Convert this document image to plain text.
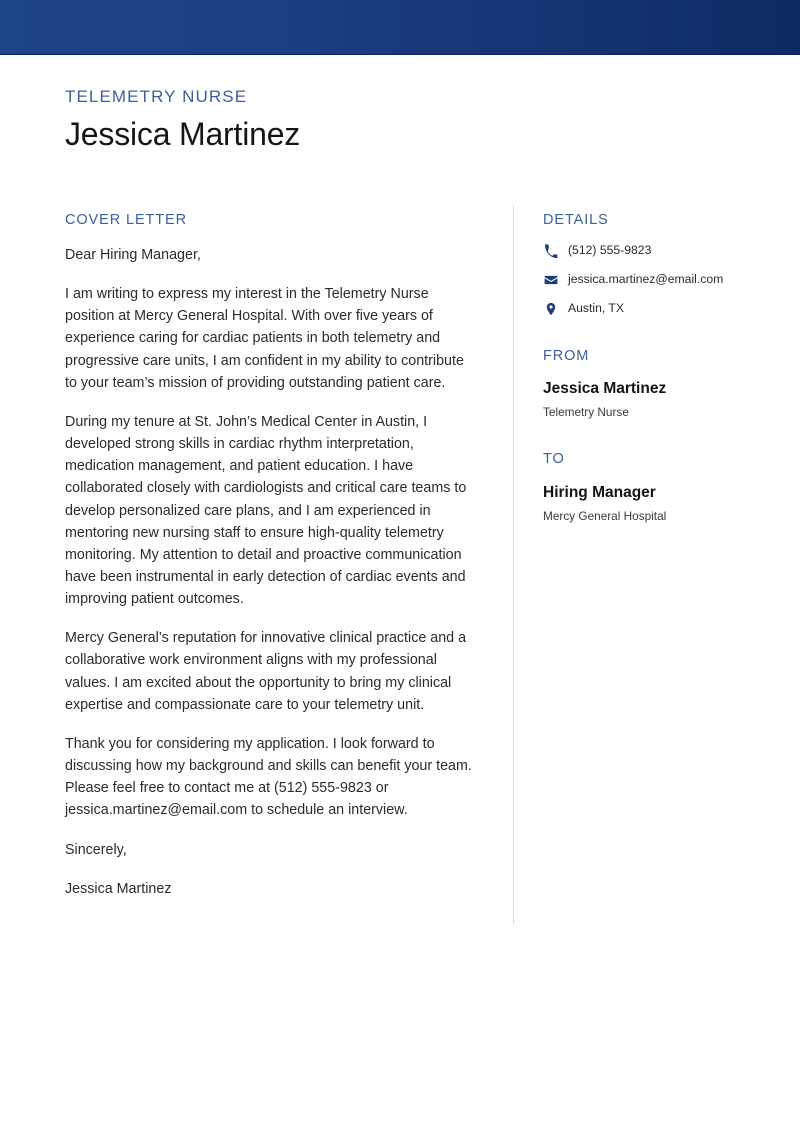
TELEMETRY NURSE
Jessica Martinez
COVER LETTER

Dear Hiring Manager,

I am writing to express my interest in the Telemetry Nurse position at Mercy General Hospital. With over five years of experience caring for cardiac patients in both telemetry and progressive care units, I am confident in my ability to contribute to your team’s mission of providing outstanding patient care.

During my tenure at St. John’s Medical Center in Austin, I developed strong skills in cardiac rhythm interpretation, medication management, and patient education. I have collaborated closely with cardiologists and critical care teams to develop personalized care plans, and I am experienced in mentoring new nursing staff to ensure high-quality telemetry monitoring. My attention to detail and proactive communication have been instrumental in early detection of cardiac events and improving patient outcomes.

Mercy General’s reputation for innovative clinical practice and a collaborative work environment aligns with my professional values. I am excited about the opportunity to bring my clinical expertise and compassionate care to your telemetry unit.

Thank you for considering my application. I look forward to discussing how my background and skills can benefit your team. Please feel free to contact me at (512) 555-9823 or jessica.martinez@email.com to schedule an interview.

Sincerely,

Jessica Martinez

DETAILS
(512) 555-9823
jessica.martinez@email.com
Austin, TX
FROM
Jessica Martinez
Telemetry Nurse
TO
Hiring Manager
Mercy General Hospital
